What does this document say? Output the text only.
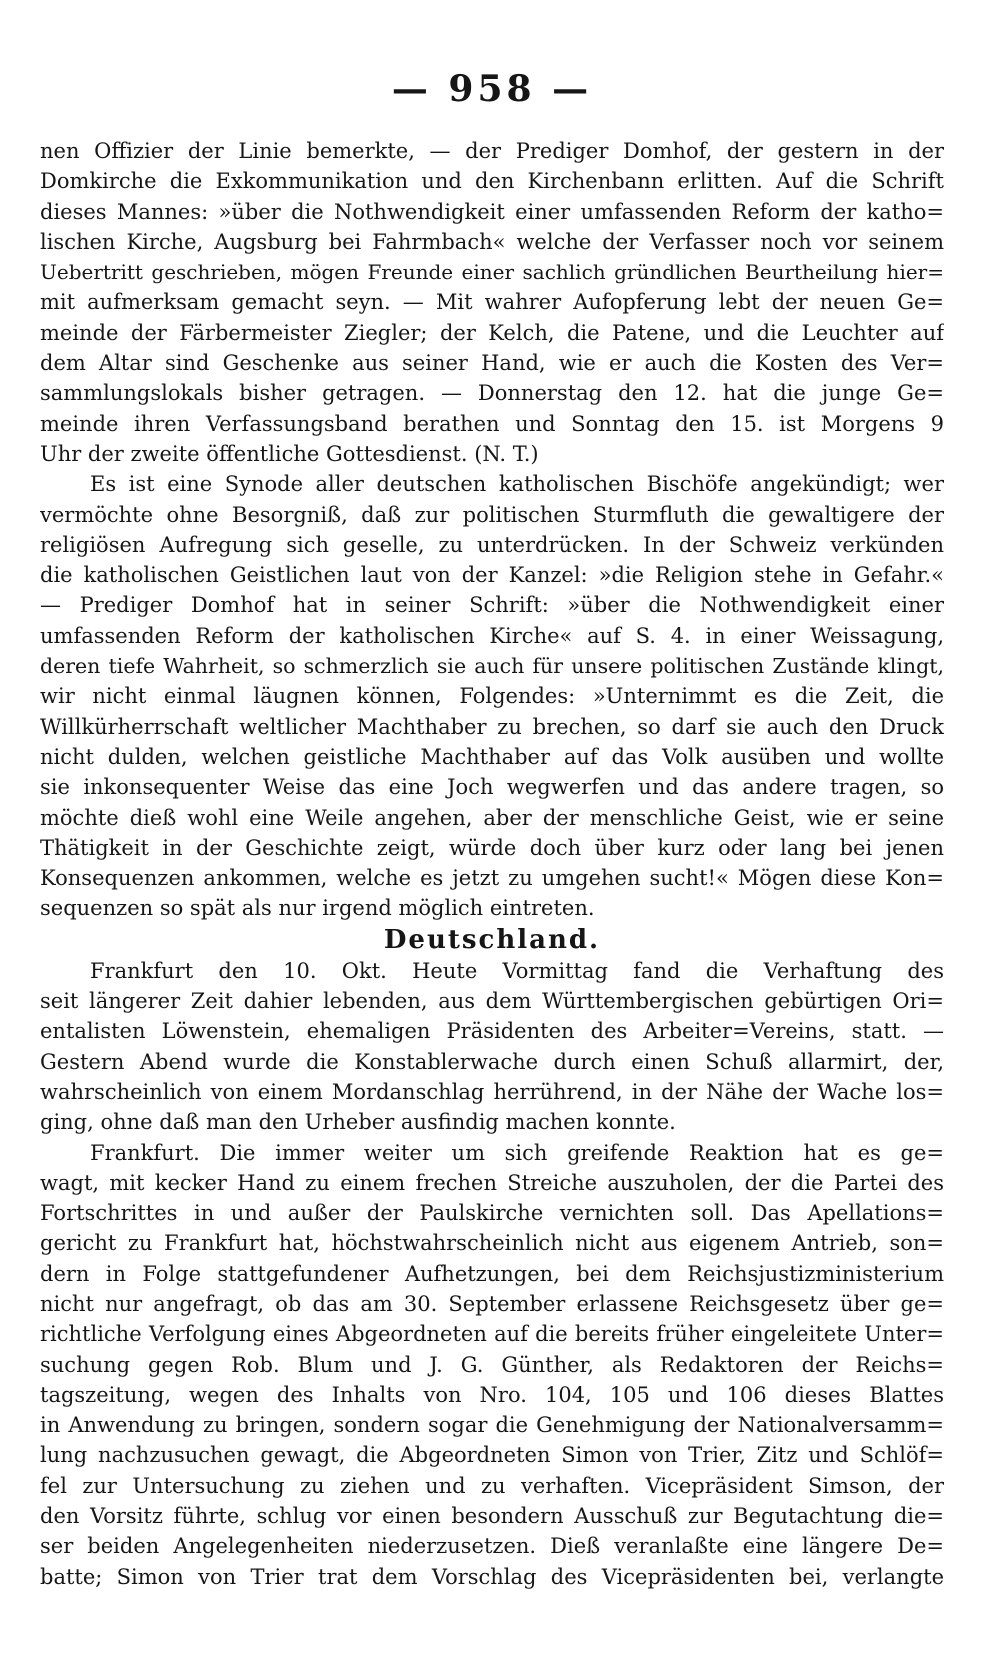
— 958 —
nen Offizier der Linie bemerkte, — der Prediger Domhof, der gestern in der
Domkirche die Exkommunikation und den Kirchenbann erlitten. Auf die Schrift
dieses Mannes: »über die Nothwendigkeit einer umfassenden Reform der katho=
lischen Kirche, Augsburg bei Fahrmbach« welche der Verfasser noch vor seinem
Uebertritt geschrieben, mögen Freunde einer sachlich gründlichen Beurtheilung hier=
mit aufmerksam gemacht seyn. — Mit wahrer Aufopferung lebt der neuen Ge=
meinde der Färbermeister Ziegler; der Kelch, die Patene, und die Leuchter auf
dem Altar sind Geschenke aus seiner Hand, wie er auch die Kosten des Ver=
sammlungslokals bisher getragen. — Donnerstag den 12. hat die junge Ge=
meinde ihren Verfassungsband berathen und Sonntag den 15. ist Morgens 9
Uhr der zweite öffentliche Gottesdienst. (N. T.)
Es ist eine Synode aller deutschen katholischen Bischöfe angekündigt; wer
vermöchte ohne Besorgniß, daß zur politischen Sturmfluth die gewaltigere der
religiösen Aufregung sich geselle, zu unterdrücken. In der Schweiz verkünden
die katholischen Geistlichen laut von der Kanzel: »die Religion stehe in Gefahr.«
— Prediger Domhof hat in seiner Schrift: »über die Nothwendigkeit einer
umfassenden Reform der katholischen Kirche« auf S. 4. in einer Weissagung,
deren tiefe Wahrheit, so schmerzlich sie auch für unsere politischen Zustände klingt,
wir nicht einmal läugnen können, Folgendes: »Unternimmt es die Zeit, die
Willkürherrschaft weltlicher Machthaber zu brechen, so darf sie auch den Druck
nicht dulden, welchen geistliche Machthaber auf das Volk ausüben und wollte
sie inkonsequenter Weise das eine Joch wegwerfen und das andere tragen, so
möchte dieß wohl eine Weile angehen, aber der menschliche Geist, wie er seine
Thätigkeit in der Geschichte zeigt, würde doch über kurz oder lang bei jenen
Konsequenzen ankommen, welche es jetzt zu umgehen sucht!« Mögen diese Kon=
sequenzen so spät als nur irgend möglich eintreten.
Deutschland.
Frankfurt den 10. Okt. Heute Vormittag fand die Verhaftung des
seit längerer Zeit dahier lebenden, aus dem Württembergischen gebürtigen Ori=
entalisten Löwenstein, ehemaligen Präsidenten des Arbeiter=Vereins, statt. —
Gestern Abend wurde die Konstablerwache durch einen Schuß allarmirt, der,
wahrscheinlich von einem Mordanschlag herrührend, in der Nähe der Wache los=
ging, ohne daß man den Urheber ausfindig machen konnte.
Frankfurt. Die immer weiter um sich greifende Reaktion hat es ge=
wagt, mit kecker Hand zu einem frechen Streiche auszuholen, der die Partei des
Fortschrittes in und außer der Paulskirche vernichten soll. Das Apellations=
gericht zu Frankfurt hat, höchstwahrscheinlich nicht aus eigenem Antrieb, son=
dern in Folge stattgefundener Aufhetzungen, bei dem Reichsjustizministerium
nicht nur angefragt, ob das am 30. September erlassene Reichsgesetz über ge=
richtliche Verfolgung eines Abgeordneten auf die bereits früher eingeleitete Unter=
suchung gegen Rob. Blum und J. G. Günther, als Redaktoren der Reichs=
tagszeitung, wegen des Inhalts von Nro. 104, 105 und 106 dieses Blattes
in Anwendung zu bringen, sondern sogar die Genehmigung der Nationalversamm=
lung nachzusuchen gewagt, die Abgeordneten Simon von Trier, Zitz und Schlöf=
fel zur Untersuchung zu ziehen und zu verhaften. Vicepräsident Simson, der
den Vorsitz führte, schlug vor einen besondern Ausschuß zur Begutachtung die=
ser beiden Angelegenheiten niederzusetzen. Dieß veranlaßte eine längere De=
batte; Simon von Trier trat dem Vorschlag des Vicepräsidenten bei, verlangte
